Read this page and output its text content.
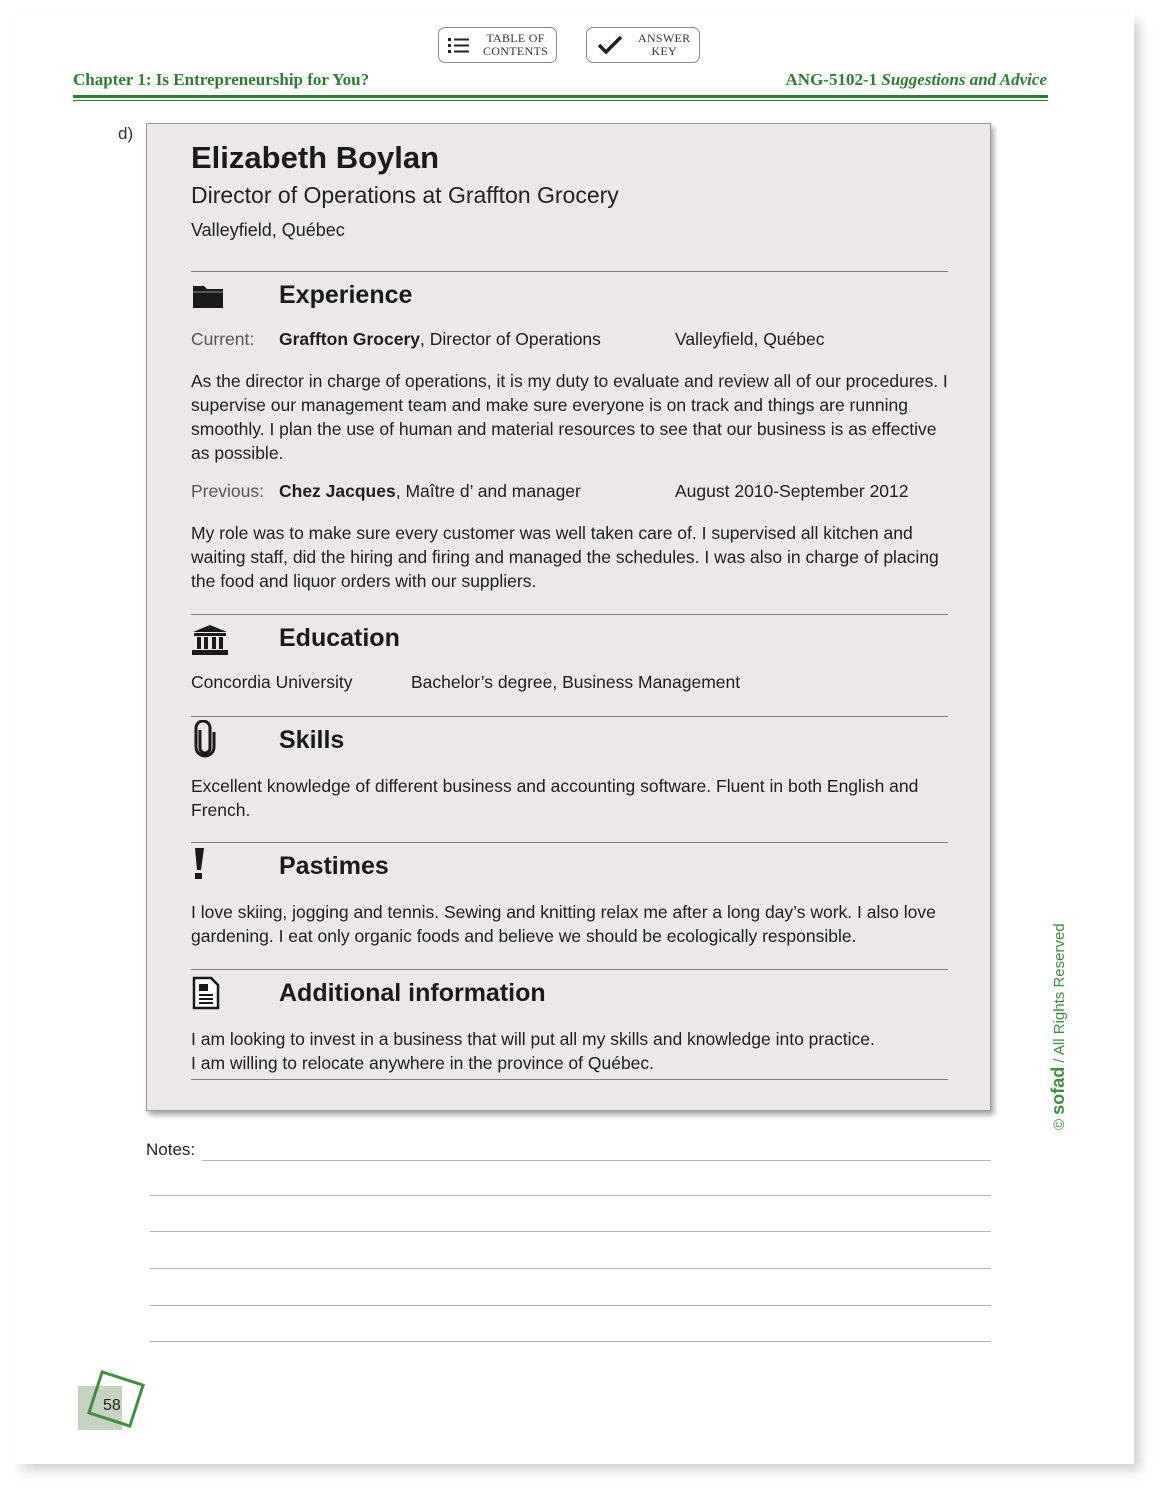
TABLE OF
CONTENTS
ANSWER
KEY
Chapter 1: Is Entrepreneurship for You?	ANG-5102-1 Suggestions and Advice
d)
Elizabeth Boylan
Director of Operations at Graffton Grocery
Valleyfield, Québec
Experience
Current: Graffton Grocery, Director of Operations	Valleyfield, Québec
As the director in charge of operations, it is my duty to evaluate and review all of our procedures. I supervise our management team and make sure everyone is on track and things are running smoothly. I plan the use of human and material resources to see that our business is as effective as possible.
Previous: Chez Jacques, Maître d’ and manager	August 2010-September 2012
My role was to make sure every customer was well taken care of. I supervised all kitchen and waiting staff, did the hiring and firing and managed the schedules. I was also in charge of placing the food and liquor orders with our suppliers.
Education
Concordia University	Bachelor’s degree, Business Management
Skills
Excellent knowledge of different business and accounting software. Fluent in both English and French.
Pastimes
I love skiing, jogging and tennis. Sewing and knitting relax me after a long day’s work. I also love gardening. I eat only organic foods and believe we should be ecologically responsible.
Additional information
I am looking to invest in a business that will put all my skills and knowledge into practice.
I am willing to relocate anywhere in the province of Québec.
Notes:
© sofad / All Rights Reserved
58
